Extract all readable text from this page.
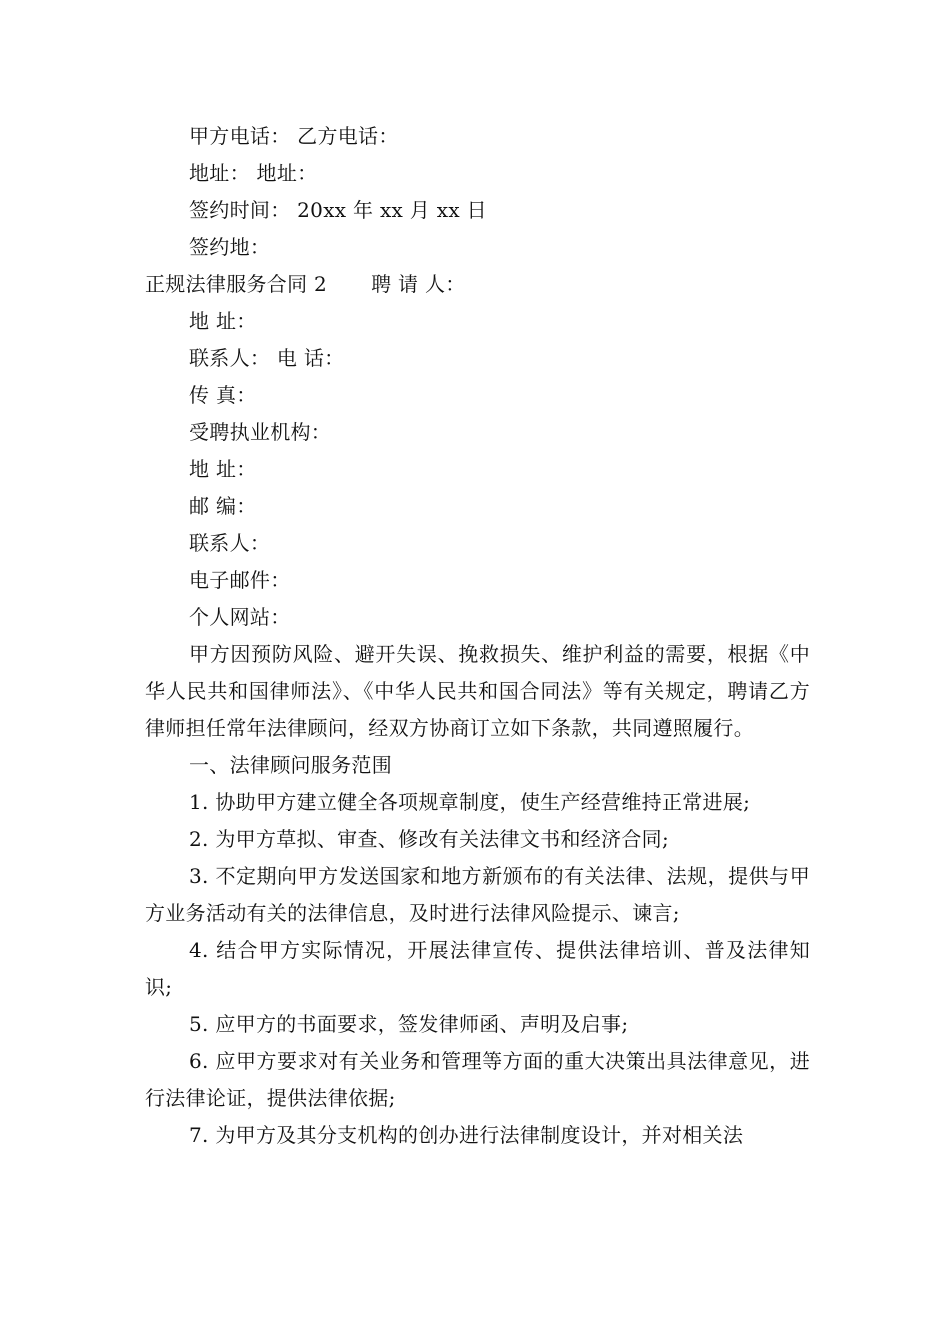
甲方电话： 乙方电话：
地址： 地址：
签约时间： 20xx 年 xx 月 xx 日
签约地：
正规法律服务合同 2 聘 请 人：
地 址：
联系人： 电 话：
传 真：
受聘执业机构：
地 址：
邮 编：
联系人：
电子邮件：
个人网站：
甲方因预防风险、避开失误、挽救损失、维护利益的需要，根据《中华人民共和国律师法》、《中华人民共和国合同法》等有关规定，聘请乙方律师担任常年法律顾问，经双方协商订立如下条款，共同遵照履行。
一、法律顾问服务范围
1. 协助甲方建立健全各项规章制度，使生产经营维持正常进展;
2. 为甲方草拟、审查、修改有关法律文书和经济合同;
3. 不定期向甲方发送国家和地方新颁布的有关法律、法规，提供与甲方业务活动有关的法律信息，及时进行法律风险提示、谏言;
4. 结合甲方实际情况，开展法律宣传、提供法律培训、普及法律知识;
5. 应甲方的书面要求，签发律师函、声明及启事;
6. 应甲方要求对有关业务和管理等方面的重大决策出具法律意见，进行法律论证，提供法律依据;
7. 为甲方及其分支机构的创办进行法律制度设计，并对相关法
